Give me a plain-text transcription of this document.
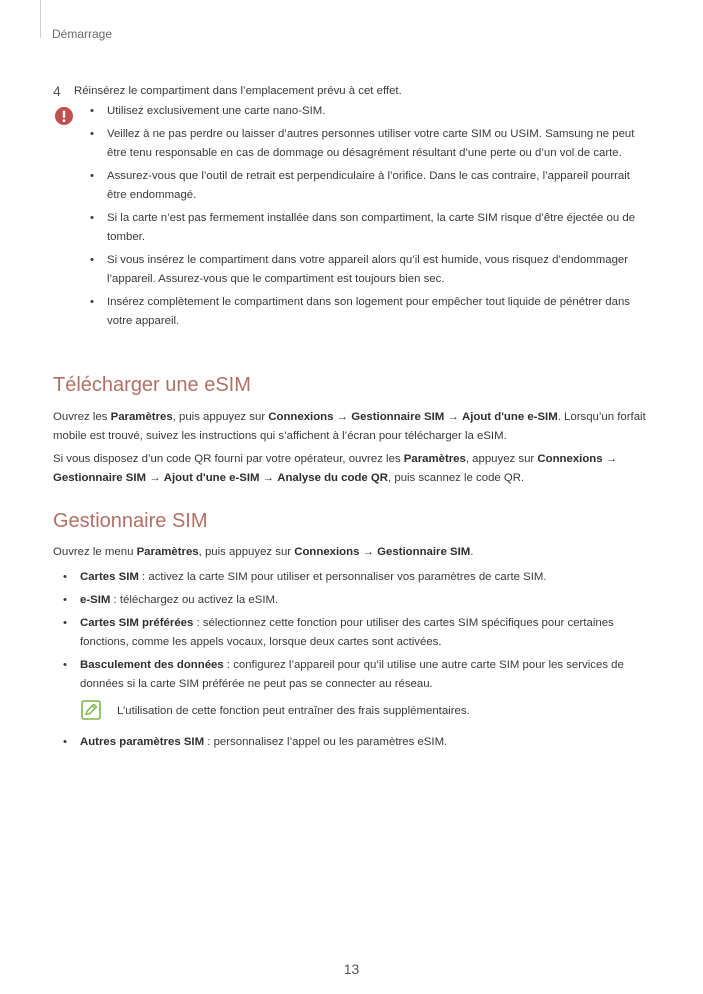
Démarrage
4 Réinsérez le compartiment dans l’emplacement prévu à cet effet.
• Utilisez exclusivement une carte nano-SIM.
• Veillez à ne pas perdre ou laisser d’autres personnes utiliser votre carte SIM ou USIM. Samsung ne peut être tenu responsable en cas de dommage ou désagrément résultant d’une perte ou d’un vol de carte.
• Assurez-vous que l’outil de retrait est perpendiculaire à l’orifice. Dans le cas contraire, l’appareil pourrait être endommagé.
• Si la carte n’est pas fermement installée dans son compartiment, la carte SIM risque d’être éjectée ou de tomber.
• Si vous insérez le compartiment dans votre appareil alors qu’il est humide, vous risquez d’endommager l’appareil. Assurez-vous que le compartiment est toujours bien sec.
• Insérez complètement le compartiment dans son logement pour empêcher tout liquide de pénétrer dans votre appareil.
Télécharger une eSIM

Ouvrez les Paramètres, puis appuyez sur Connexions → Gestionnaire SIM → Ajout d'une e-SIM. Lorsqu’un forfait mobile est trouvé, suivez les instructions qui s’affichent à l’écran pour télécharger la eSIM.

Si vous disposez d’un code QR fourni par votre opérateur, ouvrez les Paramètres, appuyez sur Connexions → Gestionnaire SIM → Ajout d'une e-SIM → Analyse du code QR, puis scannez le code QR.

Gestionnaire SIM

Ouvrez le menu Paramètres, puis appuyez sur Connexions → Gestionnaire SIM.

• Cartes SIM : activez la carte SIM pour utiliser et personnaliser vos paramètres de carte SIM.
• e-SIM : téléchargez ou activez la eSIM.
• Cartes SIM préférées : sélectionnez cette fonction pour utiliser des cartes SIM spécifiques pour certaines fonctions, comme les appels vocaux, lorsque deux cartes sont activées.
• Basculement des données : configurez l’appareil pour qu’il utilise une autre carte SIM pour les services de données si la carte SIM préférée ne peut pas se connecter au réseau.
L’utilisation de cette fonction peut entraîner des frais supplémentaires.
• Autres paramètres SIM : personnalisez l’appel ou les paramètres eSIM.
13
